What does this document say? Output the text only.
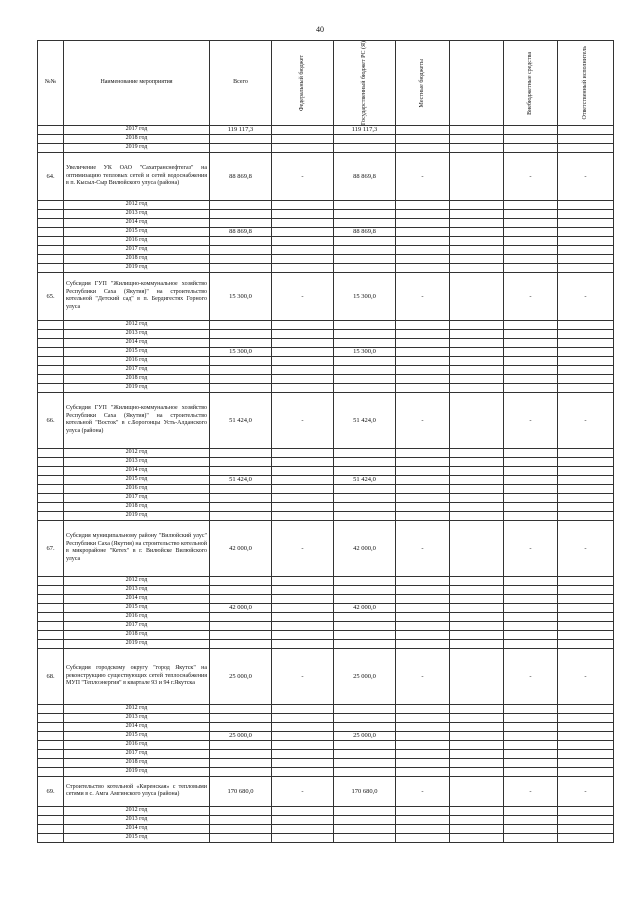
40
№№	Наименование мероприятия	Всего	Федеральный бюджет	Государственный бюджет РС (Я)	Местные бюджеты		Внебюджетные средства	Ответственный исполнитель

	2017 год	119 117,3		119 117,3				
	2018 год							
	2019 год							
64.	Увеличение УК ОАО "Сахатранснефтегаз" на оптимизацию тепловых сетей и сетей водоснабжения в п. Кысыл-Сыр Вилюйского улуса (района)	88 869,8	-	88 869,8	-		-	-
	2012 год							
	2013 год							
	2014 год							
	2015 год	88 869,8		88 869,8				
	2016 год							
	2017 год							
	2018 год							
	2019 год							
65.	Субсидия ГУП "Жилищно-коммунальное хозяйство Республики Саха (Якутия)" на строительство котельной "Детский сад" в п. Бердигестях Горного улуса	15 300,0	-	15 300,0	-		-	-
	2012 год							
	2013 год							
	2014 год							
	2015 год	15 300,0		15 300,0				
	2016 год							
	2017 год							
	2018 год							
	2019 год							
66.	Субсидия ГУП "Жилищно-коммунальное хозяйство Республики Саха (Якутия)" на строительство котельной "Восток" в с.Борогонцы Усть-Алданского улуса (района)	51 424,0	-	51 424,0	-		-	-
	2012 год							
	2013 год							
	2014 год							
	2015 год	51 424,0		51 424,0				
	2016 год							
	2017 год							
	2018 год							
	2019 год							
67.	Субсидия муниципальному району "Вилюйский улус" Республики Саха (Якутия) на строительство котельной в микрорайоне "Кетех" в г. Вилюйске Вилюйского улуса	42 000,0	-	42 000,0	-		-	-
	2012 год							
	2013 год							
	2014 год							
	2015 год	42 000,0		42 000,0				
	2016 год							
	2017 год							
	2018 год							
	2019 год							
68.	Субсидия городскому округу "город Якутск" на реконструкцию существующих сетей теплоснабжения МУП "Теплоэнергия" в квартале 93 и 94 г.Якутска	25 000,0	-	25 000,0	-		-	-
	2012 год							
	2013 год							
	2014 год							
	2015 год	25 000,0		25 000,0				
	2016 год							
	2017 год							
	2018 год							
	2019 год							
69.	Строительство котельной «Киренская» с тепловыми сетями в с. Амга Амгинского улуса (района)	170 680,0	-	170 680,0	-		-	-
	2012 год							
	2013 год							
	2014 год							
	2015 год							
